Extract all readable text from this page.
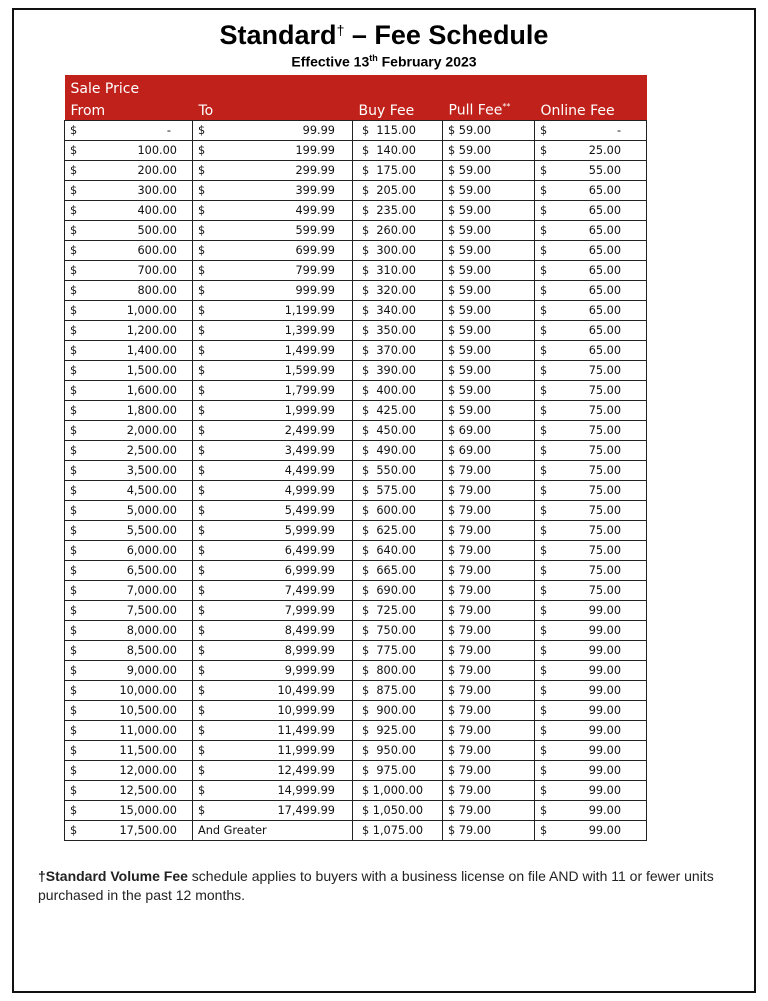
Standard† – Fee Schedule
Effective 13th February 2023
Sale Price				
From	To	Buy Fee	Pull Fee**	Online Fee

$ -	$ 99.99	$  115.00	$ 59.00	$ -

$ 100.00	$ 199.99	$  140.00	$ 59.00	$ 25.00

$ 200.00	$ 299.99	$  175.00	$ 59.00	$ 55.00

$ 300.00	$ 399.99	$  205.00	$ 59.00	$ 65.00

$ 400.00	$ 499.99	$  235.00	$ 59.00	$ 65.00

$ 500.00	$ 599.99	$  260.00	$ 59.00	$ 65.00

$ 600.00	$ 699.99	$  300.00	$ 59.00	$ 65.00

$ 700.00	$ 799.99	$  310.00	$ 59.00	$ 65.00

$ 800.00	$ 999.99	$  320.00	$ 59.00	$ 65.00

$ 1,000.00	$ 1,199.99	$  340.00	$ 59.00	$ 65.00

$ 1,200.00	$ 1,399.99	$  350.00	$ 59.00	$ 65.00

$ 1,400.00	$ 1,499.99	$  370.00	$ 59.00	$ 65.00

$ 1,500.00	$ 1,599.99	$  390.00	$ 59.00	$ 75.00

$ 1,600.00	$ 1,799.99	$  400.00	$ 59.00	$ 75.00

$ 1,800.00	$ 1,999.99	$  425.00	$ 59.00	$ 75.00

$ 2,000.00	$ 2,499.99	$  450.00	$ 69.00	$ 75.00

$ 2,500.00	$ 3,499.99	$  490.00	$ 69.00	$ 75.00

$ 3,500.00	$ 4,499.99	$  550.00	$ 79.00	$ 75.00

$ 4,500.00	$ 4,999.99	$  575.00	$ 79.00	$ 75.00

$ 5,000.00	$ 5,499.99	$  600.00	$ 79.00	$ 75.00

$ 5,500.00	$ 5,999.99	$  625.00	$ 79.00	$ 75.00

$ 6,000.00	$ 6,499.99	$  640.00	$ 79.00	$ 75.00

$ 6,500.00	$ 6,999.99	$  665.00	$ 79.00	$ 75.00

$ 7,000.00	$ 7,499.99	$  690.00	$ 79.00	$ 75.00

$ 7,500.00	$ 7,999.99	$  725.00	$ 79.00	$ 99.00

$ 8,000.00	$ 8,499.99	$  750.00	$ 79.00	$ 99.00

$ 8,500.00	$ 8,999.99	$  775.00	$ 79.00	$ 99.00

$ 9,000.00	$ 9,999.99	$  800.00	$ 79.00	$ 99.00

$ 10,000.00	$ 10,499.99	$  875.00	$ 79.00	$ 99.00

$ 10,500.00	$ 10,999.99	$  900.00	$ 79.00	$ 99.00

$ 11,000.00	$ 11,499.99	$  925.00	$ 79.00	$ 99.00

$ 11,500.00	$ 11,999.99	$  950.00	$ 79.00	$ 99.00

$ 12,000.00	$ 12,499.99	$  975.00	$ 79.00	$ 99.00

$ 12,500.00	$ 14,999.99	$ 1,000.00	$ 79.00	$ 99.00

$ 15,000.00	$ 17,499.99	$ 1,050.00	$ 79.00	$ 99.00

$ 17,500.00	And Greater	$ 1,075.00	$ 79.00	$ 99.00
†Standard Volume Fee schedule applies to buyers with a business license on file AND with 11 or fewer units purchased in the past 12 months.
